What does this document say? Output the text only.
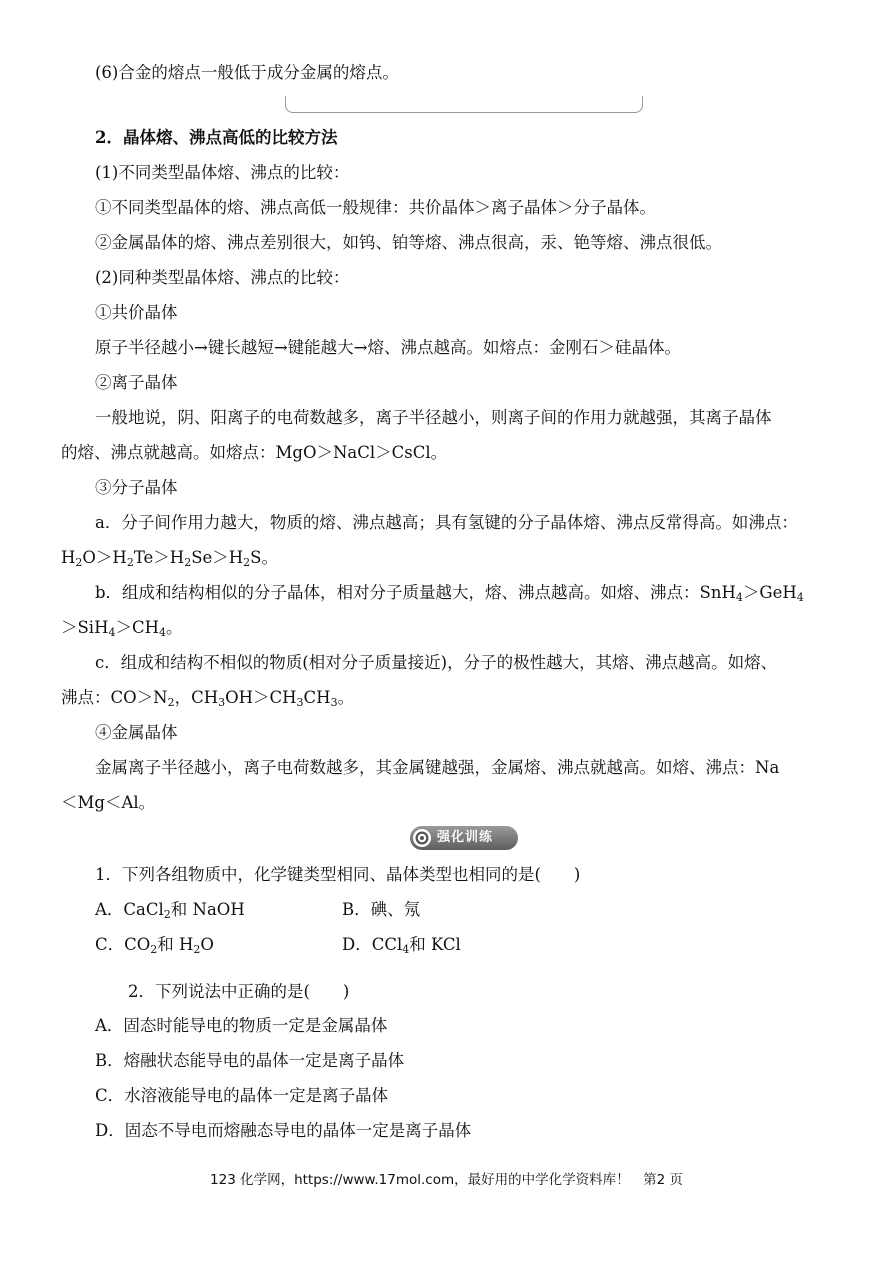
(6)合金的熔点一般低于成分金属的熔点。
2．晶体熔、沸点高低的比较方法
(1)不同类型晶体熔、沸点的比较：
①不同类型晶体的熔、沸点高低一般规律：共价晶体＞离子晶体＞分子晶体。
②金属晶体的熔、沸点差别很大，如钨、铂等熔、沸点很高，汞、铯等熔、沸点很低。
(2)同种类型晶体熔、沸点的比较：
①共价晶体
原子半径越小→键长越短→键能越大→熔、沸点越高。如熔点：金刚石＞硅晶体。
②离子晶体
一般地说，阴、阳离子的电荷数越多，离子半径越小，则离子间的作用力就越强，其离子晶体
的熔、沸点就越高。如熔点：MgO＞NaCl＞CsCl。
③分子晶体
a．分子间作用力越大，物质的熔、沸点越高；具有氢键的分子晶体熔、沸点反常得高。如沸点：
$H_2O>H_2Te>H_2Se>H_2S$。
b．组成和结构相似的分子晶体，相对分子质量越大，熔、沸点越高。如熔、沸点：SnH$_4$＞GeH$_4$
$>SiH_4>CH_4$。
c．组成和结构不相似的物质(相对分子质量接近)，分子的极性越大，其熔、沸点越高。如熔、
沸点：$CO>N_2$，$CH_3OH>CH_3CH_3$。
④金属晶体
金属离子半径越小，离子电荷数越多，其金属键越强，金属熔、沸点就越高。如熔、沸点：Na
＜Mg＜Al。
强化训练
1．下列各组物质中，化学键类型相同、晶体类型也相同的是(　　)
A．CaCl$_2$和 NaOH	B．碘、氖
C．$CO_2$和 $H_2O$	D．CCl$_4$和 KCl
2．下列说法中正确的是(　　)
A．固态时能导电的物质一定是金属晶体
B．熔融状态能导电的晶体一定是离子晶体
C．水溶液能导电的晶体一定是离子晶体
D．固态不导电而熔融态导电的晶体一定是离子晶体
123 化学网，https://www.17mol.com，最好用的中学化学资料库！　第2 页
